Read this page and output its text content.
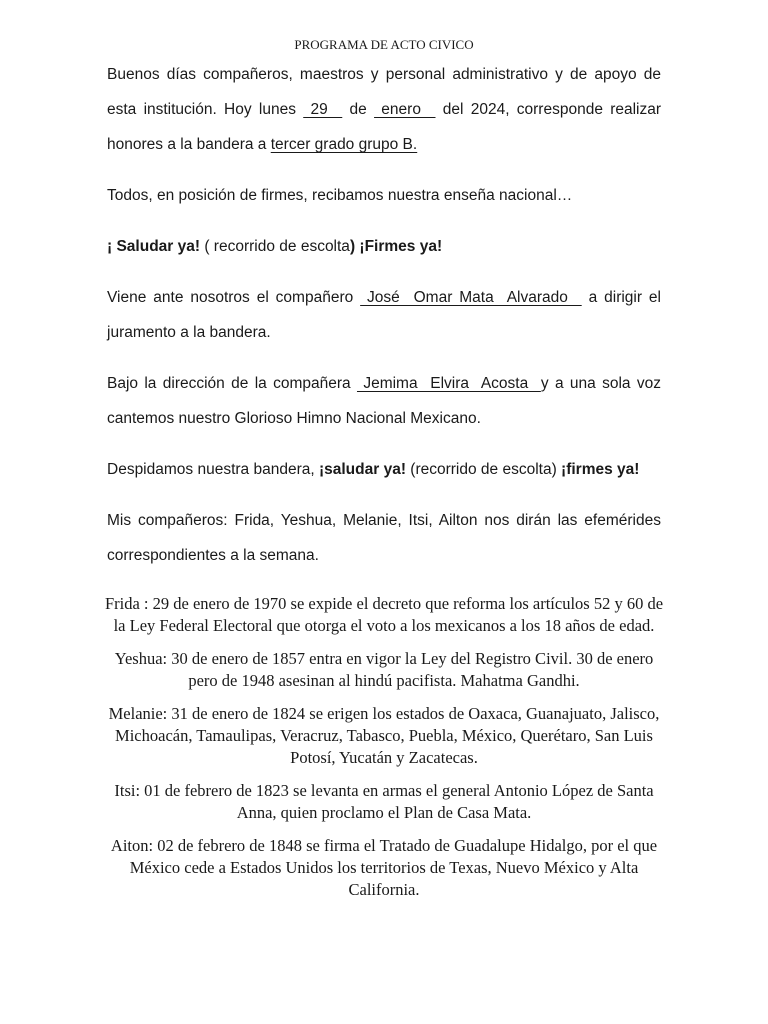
PROGRAMA DE ACTO CIVICO

Buenos días compañeros, maestros y personal administrativo y de apoyo de esta institución. Hoy lunes  29   de  enero   del 2024, corresponde realizar honores a la bandera a tercer grado grupo B.

Todos, en posición de firmes, recibamos nuestra enseña nacional…

¡ Saludar ya! ( recorrido de escolta) ¡Firmes ya!

Viene ante nosotros el compañero  José  Omar Mata  Alvarado   a dirigir el juramento a la bandera.

Bajo la dirección de la compañera  Jemima  Elvira  Acosta  y a una sola voz cantemos nuestro Glorioso Himno Nacional Mexicano.

Despidamos nuestra bandera, ¡saludar ya! (recorrido de escolta) ¡firmes ya!

Mis compañeros: Frida, Yeshua, Melanie, Itsi, Ailton nos dirán las efemérides correspondientes a la semana.

Frida : 29 de enero de 1970 se expide el decreto que reforma los artículos 52 y 60 de la Ley Federal Electoral que otorga el voto a los mexicanos a los 18 años de edad.

Yeshua: 30 de enero de 1857 entra en vigor la Ley del Registro Civil. 30 de enero pero de 1948 asesinan al hindú pacifista. Mahatma Gandhi.

Melanie: 31 de enero de 1824 se erigen los estados de Oaxaca, Guanajuato, Jalisco, Michoacán, Tamaulipas, Veracruz, Tabasco, Puebla, México, Querétaro, San Luis Potosí, Yucatán y Zacatecas.

Itsi: 01 de febrero de 1823 se levanta en armas el general Antonio López de Santa Anna, quien proclamo el Plan de Casa Mata.

Aiton: 02 de febrero de 1848 se firma el Tratado de Guadalupe Hidalgo, por el que México cede a Estados Unidos los territorios de Texas, Nuevo México y Alta California.
